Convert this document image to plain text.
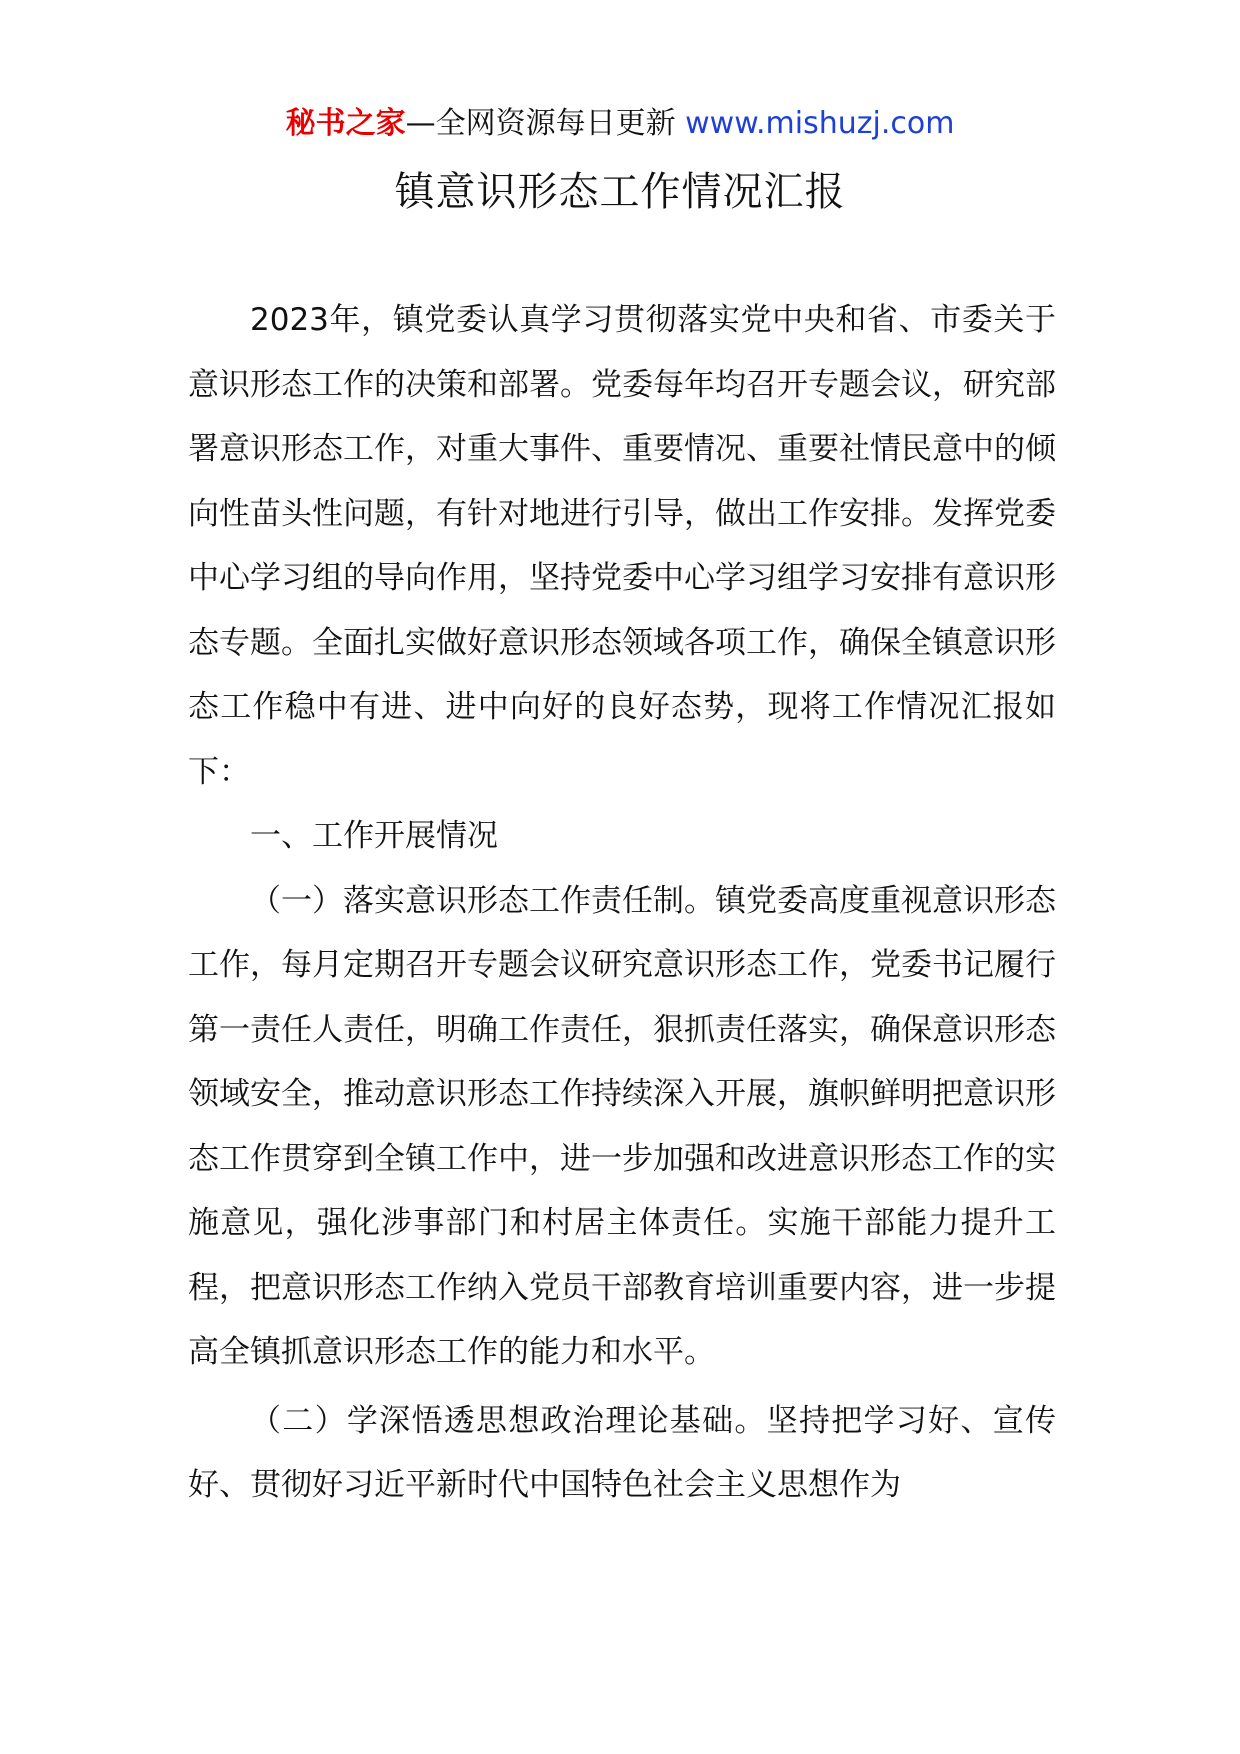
秘书之家—全网资源每日更新 www.mishuzj.com
镇意识形态工作情况汇报

2023年，镇党委认真学习贯彻落实党中央和省、市委关于意识形态工作的决策和部署。党委每年均召开专题会议，研究部署意识形态工作，对重大事件、重要情况、重要社情民意中的倾向性苗头性问题，有针对地进行引导，做出工作安排。发挥党委中心学习组的导向作用，坚持党委中心学习组学习安排有意识形态专题。全面扎实做好意识形态领域各项工作，确保全镇意识形态工作稳中有进、进中向好的良好态势，现将工作情况汇报如下：

一、工作开展情况

（一）落实意识形态工作责任制。镇党委高度重视意识形态工作，每月定期召开专题会议研究意识形态工作，党委书记履行第一责任人责任，明确工作责任，狠抓责任落实，确保意识形态领域安全，推动意识形态工作持续深入开展，旗帜鲜明把意识形态工作贯穿到全镇工作中，进一步加强和改进意识形态工作的实施意见，强化涉事部门和村居主体责任。实施干部能力提升工程，把意识形态工作纳入党员干部教育培训重要内容，进一步提高全镇抓意识形态工作的能力和水平。

（二）学深悟透思想政治理论基础。坚持把学习好、宣传好、贯彻好习近平新时代中国特色社会主义思想作为
